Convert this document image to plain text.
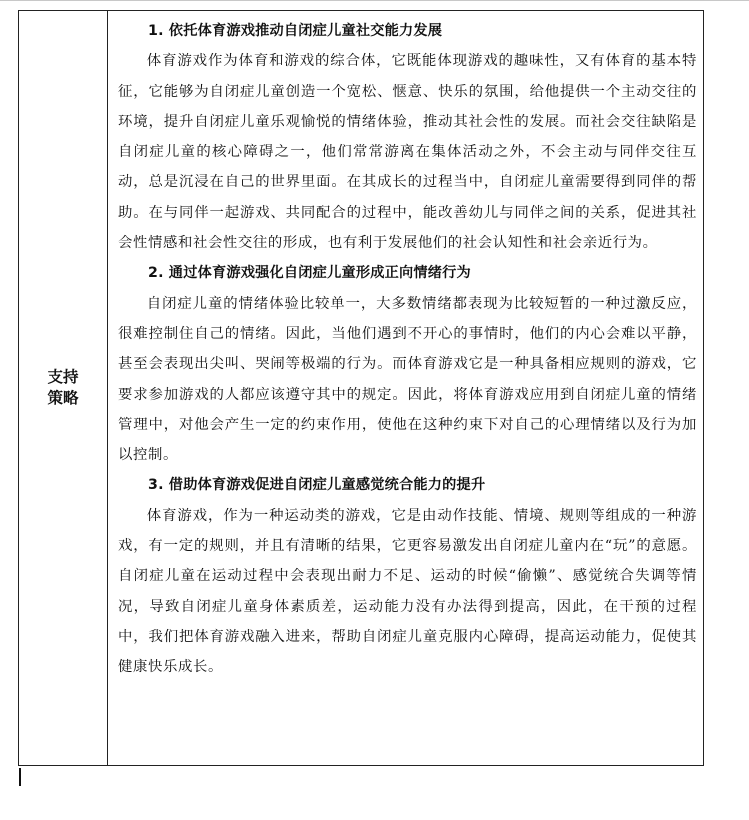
支持策略

1. 依托体育游戏推动自闭症儿童社交能力发展

体育游戏作为体育和游戏的综合体，它既能体现游戏的趣味性，又有体育的基本特征，它能够为自闭症儿童创造一个宽松、惬意、快乐的氛围，给他提供一个主动交往的环境，提升自闭症儿童乐观愉悦的情绪体验，推动其社会性的发展。而社会交往缺陷是自闭症儿童的核心障碍之一，他们常常游离在集体活动之外，不会主动与同伴交往互动，总是沉浸在自己的世界里面。在其成长的过程当中，自闭症儿童需要得到同伴的帮助。在与同伴一起游戏、共同配合的过程中，能改善幼儿与同伴之间的关系，促进其社会性情感和社会性交往的形成，也有利于发展他们的社会认知性和社会亲近行为。

2. 通过体育游戏强化自闭症儿童形成正向情绪行为

自闭症儿童的情绪体验比较单一，大多数情绪都表现为比较短暂的一种过激反应，很难控制住自己的情绪。因此，当他们遇到不开心的事情时，他们的内心会难以平静，甚至会表现出尖叫、哭闹等极端的行为。而体育游戏它是一种具备相应规则的游戏，它要求参加游戏的人都应该遵守其中的规定。因此，将体育游戏应用到自闭症儿童的情绪管理中，对他会产生一定的约束作用，使他在这种约束下对自己的心理情绪以及行为加以控制。

3. 借助体育游戏促进自闭症儿童感觉统合能力的提升

体育游戏，作为一种运动类的游戏，它是由动作技能、情境、规则等组成的一种游戏，有一定的规则，并且有清晰的结果，它更容易激发出自闭症儿童内在“玩”的意愿。自闭症儿童在运动过程中会表现出耐力不足、运动的时候“偷懒”、感觉统合失调等情况，导致自闭症儿童身体素质差，运动能力没有办法得到提高，因此，在干预的过程中，我们把体育游戏融入进来，帮助自闭症儿童克服内心障碍，提高运动能力，促使其健康快乐成长。
